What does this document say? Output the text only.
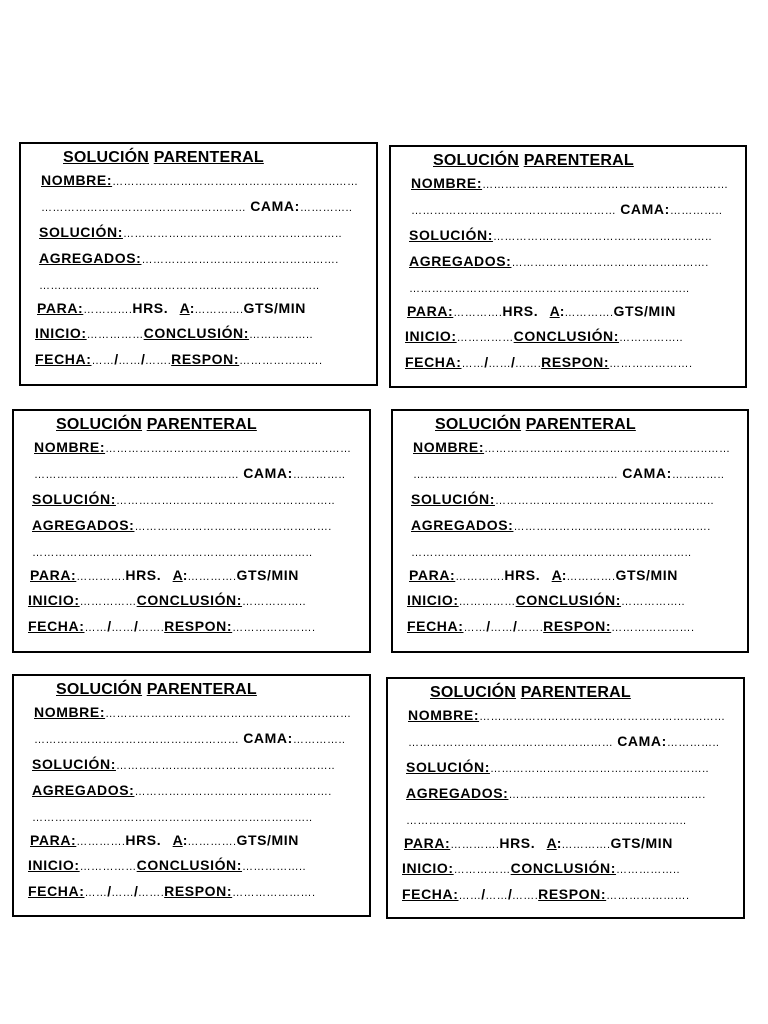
SOLUCIÓN PARENTERAL
NOMBRE:…………………………………………………..……
……………………………………………… CAMA:…………..
SOLUCIÓN:……………..…………………………………..
AGREGADOS:…………………………………………….
………………………………………………………………..
PARA:………….HRS. A:………….GTS/MIN
INICIO:……………CONCLUSIÓN:……………..
FECHA:……/……/…….RESPON:………………….
SOLUCIÓN PARENTERAL
NOMBRE:…………………………………………………..……
……………………………………………… CAMA:…………..
SOLUCIÓN:……………..…………………………………..
AGREGADOS:…………………………………………….
………………………………………………………………..
PARA:………….HRS. A:………….GTS/MIN
INICIO:……………CONCLUSIÓN:……………..
FECHA:……/……/…….RESPON:………………….
SOLUCIÓN PARENTERAL
NOMBRE:…………………………………………………..……
……………………………………………… CAMA:…………..
SOLUCIÓN:……………..…………………………………..
AGREGADOS:…………………………………………….
………………………………………………………………..
PARA:………….HRS. A:………….GTS/MIN
INICIO:……………CONCLUSIÓN:……………..
FECHA:……/……/…….RESPON:………………….
SOLUCIÓN PARENTERAL
NOMBRE:…………………………………………………..……
……………………………………………… CAMA:…………..
SOLUCIÓN:……………..…………………………………..
AGREGADOS:…………………………………………….
………………………………………………………………..
PARA:………….HRS. A:………….GTS/MIN
INICIO:……………CONCLUSIÓN:……………..
FECHA:……/……/…….RESPON:………………….
SOLUCIÓN PARENTERAL
NOMBRE:…………………………………………………..……
……………………………………………… CAMA:…………..
SOLUCIÓN:……………..…………………………………..
AGREGADOS:…………………………………………….
………………………………………………………………..
PARA:………….HRS. A:………….GTS/MIN
INICIO:……………CONCLUSIÓN:……………..
FECHA:……/……/…….RESPON:………………….
SOLUCIÓN PARENTERAL
NOMBRE:…………………………………………………..……
……………………………………………… CAMA:…………..
SOLUCIÓN:……………..…………………………………..
AGREGADOS:…………………………………………….
………………………………………………………………..
PARA:………….HRS. A:………….GTS/MIN
INICIO:……………CONCLUSIÓN:……………..
FECHA:……/……/…….RESPON:………………….
